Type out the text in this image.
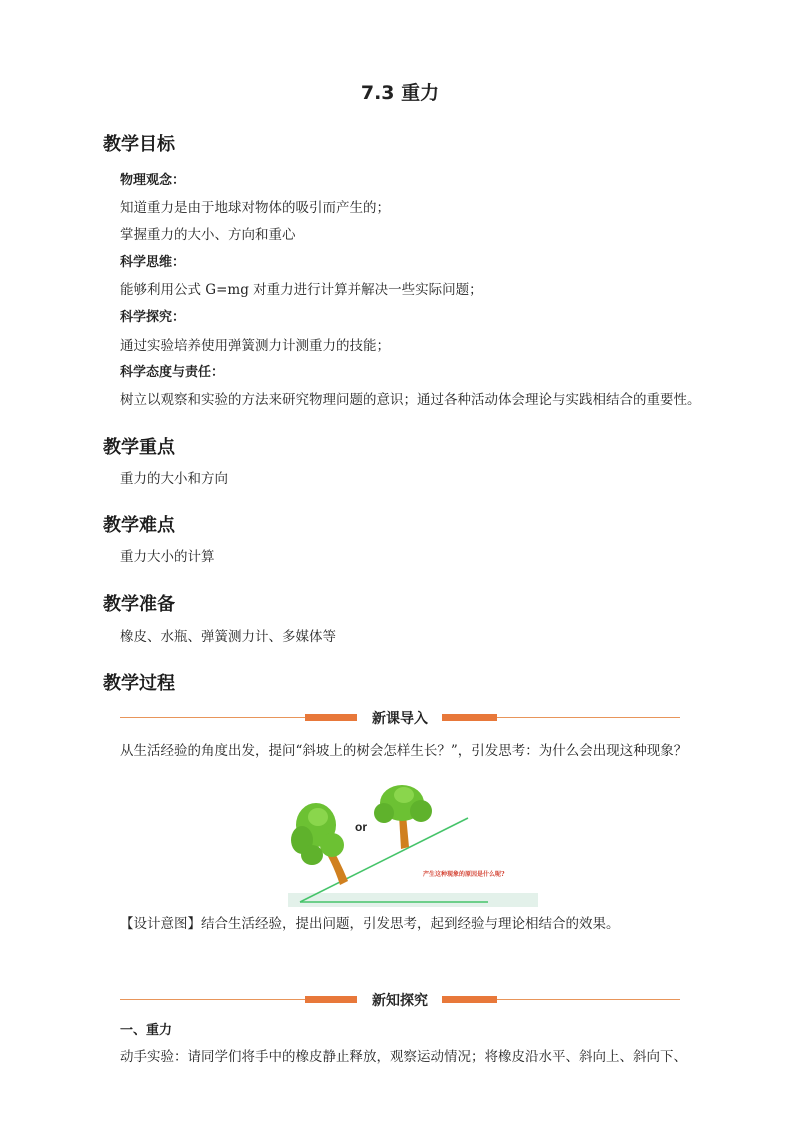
7.3 重力
教学目标
物理观念：
知道重力是由于地球对物体的吸引而产生的；
掌握重力的大小、方向和重心
科学思维：
能够利用公式 G=mg 对重力进行计算并解决一些实际问题；
科学探究：
通过实验培养使用弹簧测力计测重力的技能；
科学态度与责任：
树立以观察和实验的方法来研究物理问题的意识；通过各种活动体会理论与实践相结合的重要性。
教学重点
重力的大小和方向
教学难点
重力大小的计算
教学准备
橡皮、水瓶、弹簧测力计、多媒体等
教学过程
新课导入
从生活经验的角度出发，提问“斜坡上的树会怎样生长？”，引发思考：为什么会出现这种现象？
or
产生这种现象的原因是什么呢?
【设计意图】结合生活经验，提出问题，引发思考，起到经验与理论相结合的效果。
新知探究
一、重力
动手实验：请同学们将手中的橡皮静止释放，观察运动情况；将橡皮沿水平、斜向上、斜向下、
